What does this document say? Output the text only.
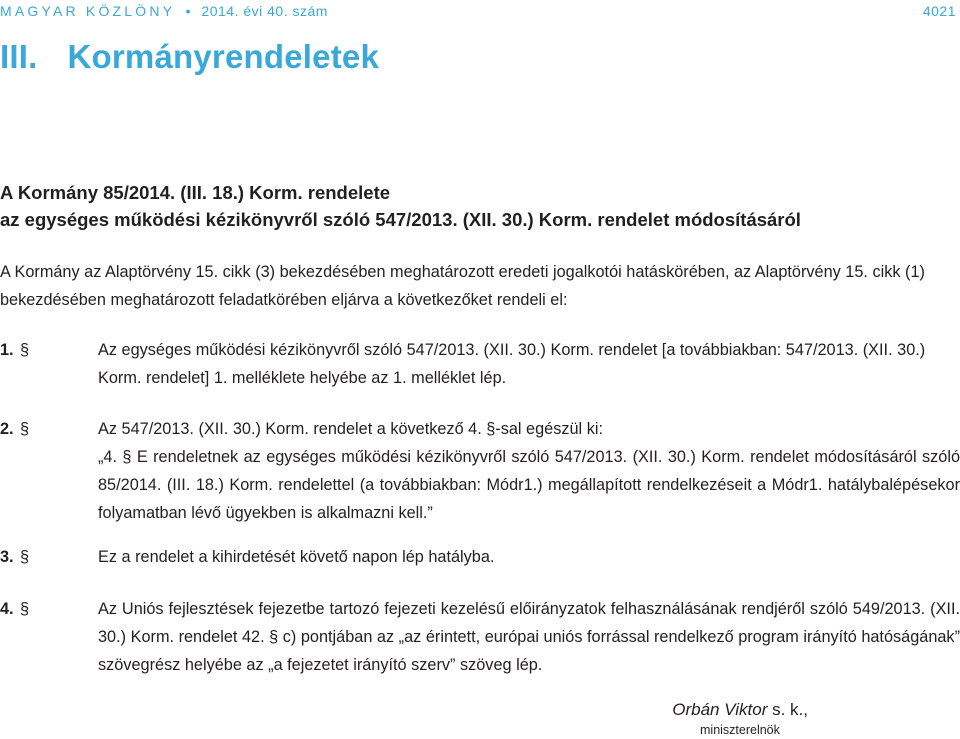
MAGYAR KÖZLÖNY • 2014. évi 40. szám	4021
III. Kormányrendeletek
A Kormány 85/2014. (III. 18.) Korm. rendelete
az egységes működési kézikönyvről szóló 547/2013. (XII. 30.) Korm. rendelet módosításáról
A Kormány az Alaptörvény 15. cikk (3) bekezdésében meghatározott eredeti jogalkotói hatáskörében, az Alaptörvény 15. cikk (1) bekezdésében meghatározott feladatkörében eljárva a következőket rendeli el:
1. §	Az egységes működési kézikönyvről szóló 547/2013. (XII. 30.) Korm. rendelet [a továbbiakban: 547/2013. (XII. 30.) Korm. rendelet] 1. melléklete helyébe az 1. melléklet lép.
2. §	Az 547/2013. (XII. 30.) Korm. rendelet a következő 4. §-sal egészül ki:
„4. § E rendeletnek az egységes működési kézikönyvről szóló 547/2013. (XII. 30.) Korm. rendelet módosításáról szóló 85/2014. (III. 18.) Korm. rendelettel (a továbbiakban: Módr1.) megállapított rendelkezéseit a Módr1. hatálybalépésekor folyamatban lévő ügyekben is alkalmazni kell.”
3. §	Ez a rendelet a kihirdetését követő napon lép hatályba.
4. §	Az Uniós fejlesztések fejezetbe tartozó fejezeti kezelésű előirányzatok felhasználásának rendjéről szóló 549/2013. (XII. 30.) Korm. rendelet 42. § c) pontjában az „az érintett, európai uniós forrással rendelkező program irányító hatóságának” szövegrész helyébe az „a fejezetet irányító szerv” szöveg lép.
Orbán Viktor s. k.,
miniszterelnök
